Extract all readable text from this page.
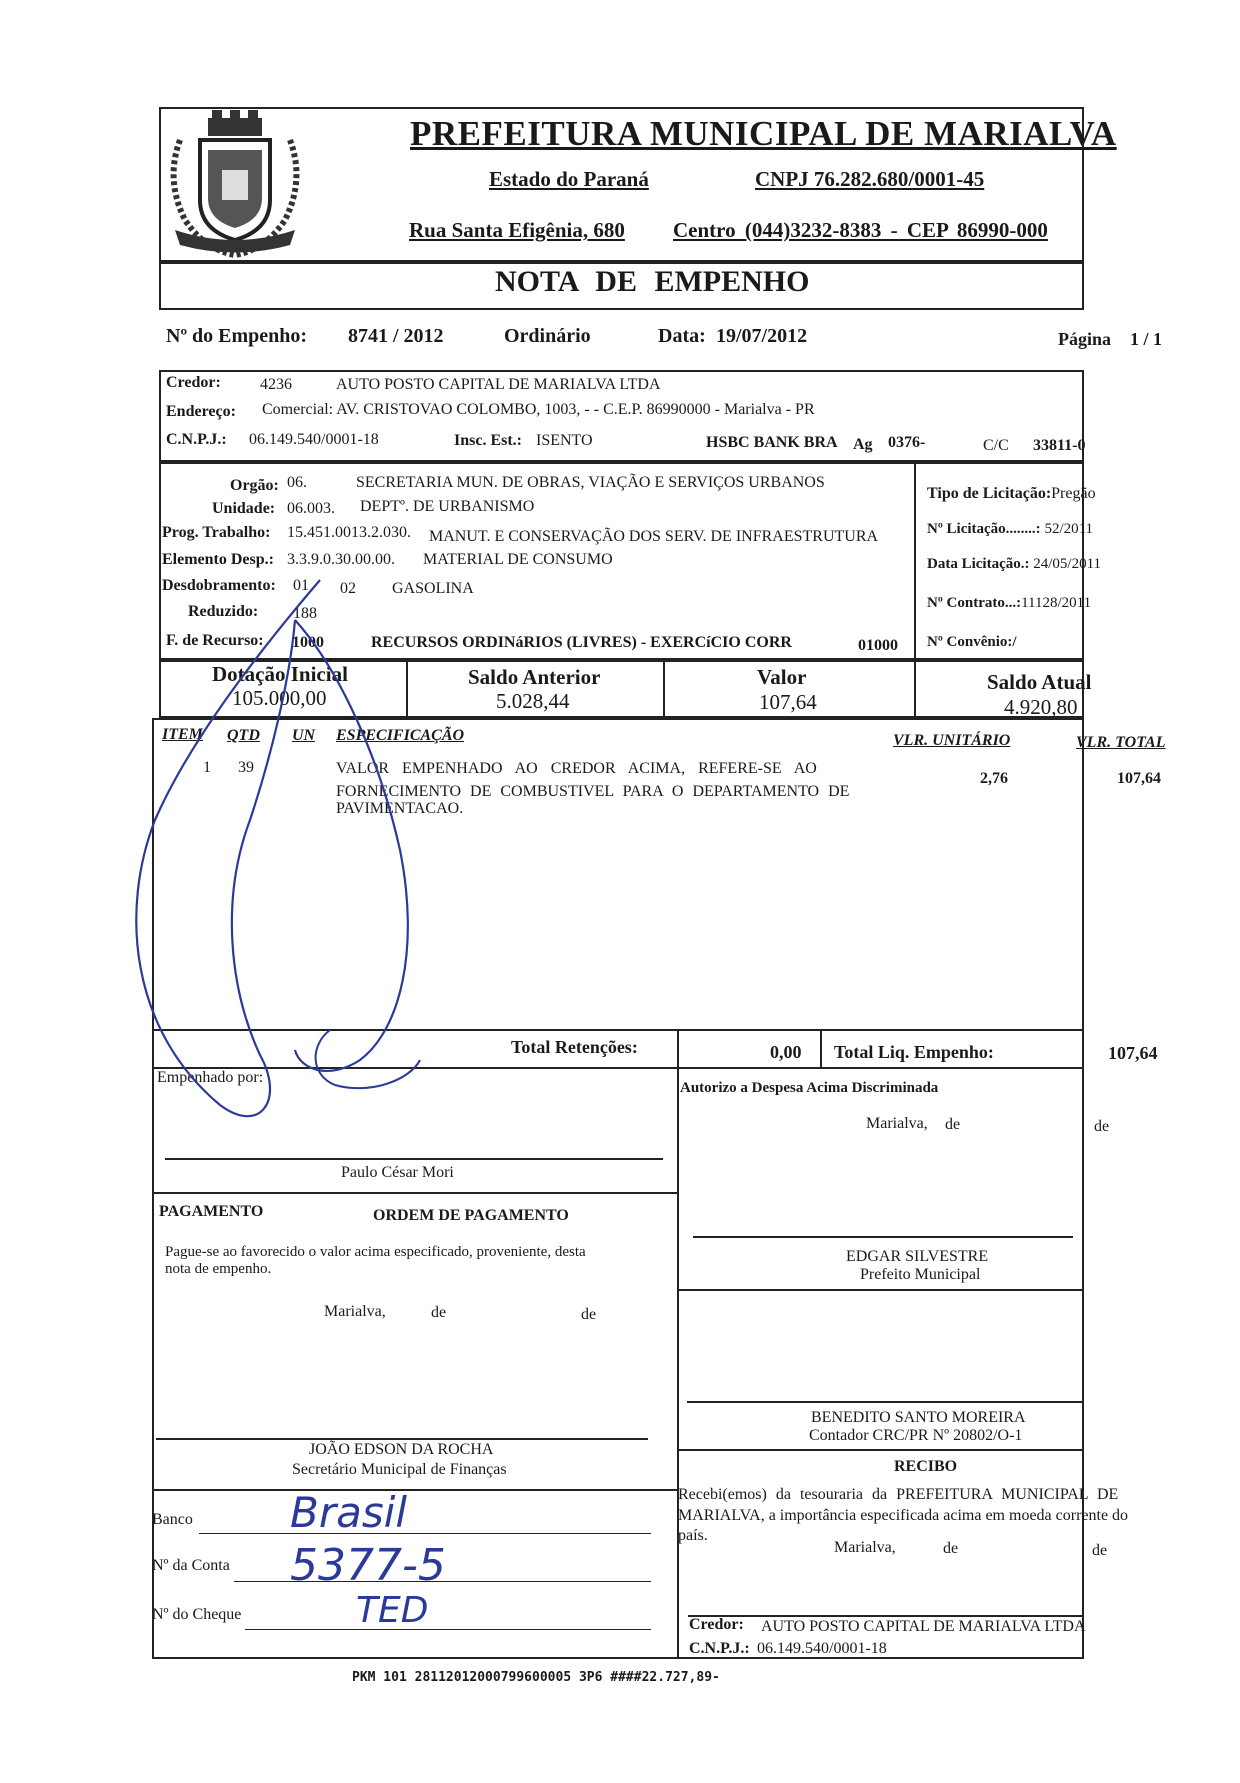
PREFEITURA MUNICIPAL DE MARIALVA
Estado do Paraná	CNPJ 76.282.680/0001-45
Rua Santa Efigênia, 680 Centro (044)3232-8383 - CEP 86990-000
NOTA DE EMPENHO
Nº do Empenho: 8741 / 2012	Ordinário	Data: 19/07/2012	Página 1 / 1
Credor: 4236	AUTO POSTO CAPITAL DE MARIALVA LTDA
Endereço: Comercial: AV. CRISTOVAO COLOMBO, 1003, - - C.E.P. 86990000 - Marialva - PR
C.N.P.J.: 06.149.540/0001-18	Insc. Est.: ISENTO	HSBC BANK BRA Ag 0376-	C/C 33811-0
Orgão: 06.	SECRETARIA MUN. DE OBRAS, VIAÇÃO E SERVIÇOS URBANOS
Unidade: 06.003. DEPTº. DE URBANISMO
Prog. Trabalho: 15.451.0013.2.030. MANUT. E CONSERVAÇÃO DOS SERV. DE INFRAESTRUTURA
Elemento Desp.: 3.3.9.0.30.00.00. MATERIAL DE CONSUMO
Desdobramento: 01 02 GASOLINA
Reduzido: 188
F. de Recurso: 1000	RECURSOS ORDINáRIOS (LIVRES) - EXERCíCIO CORR	01000
Tipo de Licitação:Pregão
Nº Licitação........: 52/2011
Data Licitação.: 24/05/2011
Nº Contrato...:11128/2011
Nº Convênio:/
Dotação Inicial
105.000,00
Saldo Anterior
5.028,44
Valor
107,64
Saldo Atual
4.920,80
ITEM QTD UN ESPECIFICAÇÃO	VLR. UNITÁRIO	VLR. TOTAL
1 39	VALOR EMPENHADO AO CREDOR ACIMA, REFERE-SE AO
FORNECIMENTO DE COMBUSTIVEL PARA O DEPARTAMENTO DE
PAVIMENTACAO.
2,76	107,64
Total Retenções:	0,00 Total Liq. Empenho:	107,64
Empenhado por:
Paulo César Mori
Autorizo a Despesa Acima Discriminada
Marialva, de	de
EDGAR SILVESTRE
Prefeito Municipal
PAGAMENTO	ORDEM DE PAGAMENTO
Pague-se ao favorecido o valor acima especificado, proveniente, desta
nota de empenho.
Marialva,	de	de
JOÃO EDSON DA ROCHA
Secretário Municipal de Finanças
BENEDITO SANTO MOREIRA
Contador CRC/PR Nº 20802/O-1
RECIBO
Recebi(emos) da tesouraria da PREFEITURA MUNICIPAL DE
MARIALVA, a importância especificada acima em moeda corrente do
país.
Marialva,	de	de
Credor: AUTO POSTO CAPITAL DE MARIALVA LTDA
C.N.P.J.: 06.149.540/0001-18
Banco Brasil
Nº da Conta 5377-5
Nº do Cheque	TED
PKM 101 28112012000799600005 3P6 ####22.727,89-
